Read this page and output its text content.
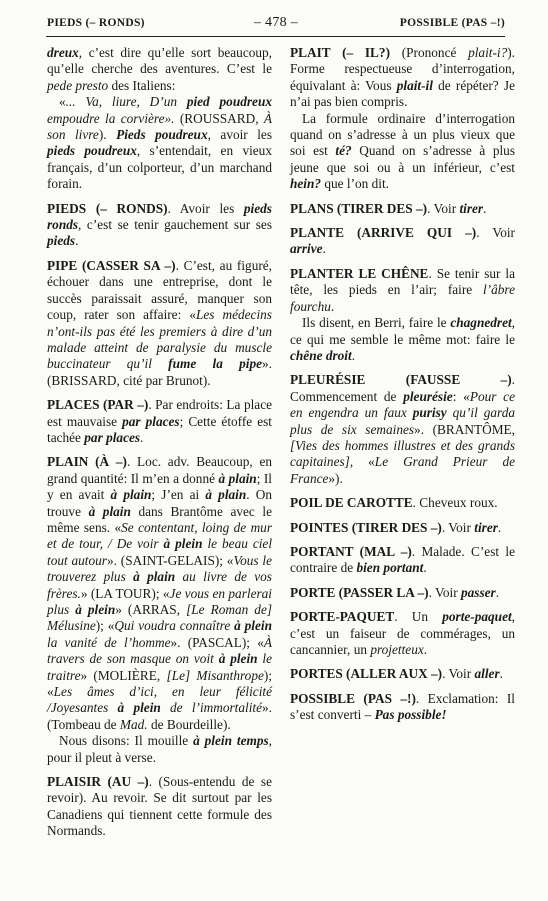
PIEDS (– RONDS)	– 478 –	POSSIBLE (PAS –!)

dreux, c’est dire qu’elle sort beaucoup, qu’elle cherche des aventures. C’est le pede presto des Italiens:

«... Va, liure, D’un pied poudreux empoudre la corvière». (ROUSSARD, À son livre). Pieds poudreux, avoir les pieds poudreux, s’entendait, en vieux français, d’un colporteur, d’un marchand forain.

PIEDS (– RONDS). Avoir les pieds ronds, c’est se tenir gauchement sur ses pieds.

PIPE (CASSER SA –). C’est, au figuré, échouer dans une entreprise, dont le succès paraissait assuré, manquer son coup, rater son affaire: «Les médecins n’ont-ils pas été les premiers à dire d’un malade atteint de paralysie du muscle buccinateur qu’il fume la pipe». (BRISSARD, cité par Brunot).

PLACES (PAR –). Par endroits: La place est mauvaise par places; Cette étoffe est tachée par places.

PLAIN (À –). Loc. adv. Beaucoup, en grand quantité: Il m’en a donné à plain; Il y en avait à plain; J’en ai à plain. On trouve à plain dans Brantôme avec le même sens. «Se contentant, loing de mur et de tour, / De voir à plein le beau ciel tout autour». (SAINT-GELAIS); «Vous le trouverez plus à plain au livre de vos frères.» (LA TOUR); «Je vous en parlerai plus à plein» (ARRAS, [Le Roman de] Mélusine); «Qui voudra connaître à plein la vanité de l’homme». (PASCAL); «À travers de son masque on voit à plein le traitre» (MOLIÈRE, [Le] Misanthrope); «Les âmes d’ici, en leur félicité /Joyesantes à plein de l’immortalité». (Tombeau de Mad. de Bourdeille).

Nous disons: Il mouille à plein temps, pour il pleut à verse.

PLAISIR (AU –). (Sous-entendu de se revoir). Au revoir. Se dit surtout par les Canadiens qui tiennent cette formule des Normands.

PLAIT (– IL?) (Prononcé plait-i?). Forme respectueuse d’interrogation, équivalant à: Vous plait-il de répéter? Je n’ai pas bien compris.

La formule ordinaire d’interrogation quand on s’adresse à un plus vieux que soi est té? Quand on s’adresse à plus jeune que soi ou à un inférieur, c’est hein? que l’on dit.

PLANS (TIRER DES –). Voir tirer.

PLANTE (ARRIVE QUI –). Voir arrive.

PLANTER LE CHÊNE. Se tenir sur la tête, les pieds en l’air; faire l’âbre fourchu.

Ils disent, en Berri, faire le chagnedret, ce qui me semble le même mot: faire le chêne droit.

PLEURÉSIE (FAUSSE –). Commencement de pleurésie: «Pour ce en engendra un faux purisy qu’il garda plus de six semaines». (BRANTÔME, [Vies des hommes illustres et des grands capitaines], «Le Grand Prieur de France»).

POIL DE CAROTTE. Cheveux roux.

POINTES (TIRER DES –). Voir tirer.

PORTANT (MAL –). Malade. C’est le contraire de bien portant.

PORTE (PASSER LA –). Voir passer.

PORTE-PAQUET. Un porte-paquet, c’est un faiseur de commérages, un cancannier, un projetteux.

PORTES (ALLER AUX –). Voir aller.

POSSIBLE (PAS –!). Exclamation: Il s’est converti – Pas possible!
